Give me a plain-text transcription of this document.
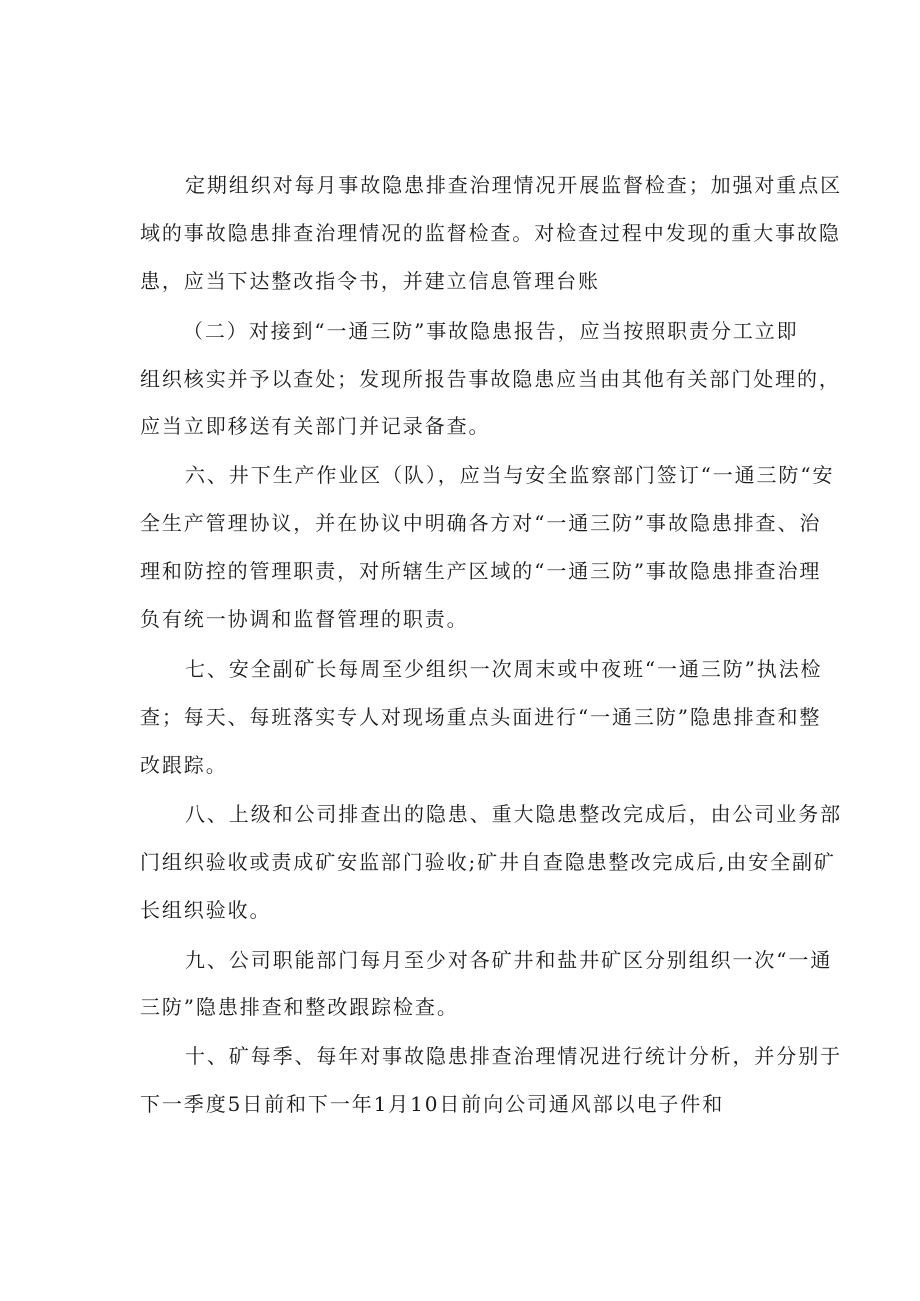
定期组织对每月事故隐患排查治理情况开展监督检查；加强对重点区
域的事故隐患排查治理情况的监督检查。对检查过程中发现的重大事故隐
患，应当下达整改指令书，并建立信息管理台账
（二）对接到“一通三防”事故隐患报告，应当按照职责分工立即
组织核实并予以查处；发现所报告事故隐患应当由其他有关部门处理的，
应当立即移送有关部门并记录备查。
六、井下生产作业区（队），应当与安全监察部门签订“一通三防“安
全生产管理协议，并在协议中明确各方对“一通三防”事故隐患排查、治
理和防控的管理职责，对所辖生产区域的“一通三防”事故隐患排查治理
负有统一协调和监督管理的职责。
七、安全副矿长每周至少组织一次周末或中夜班“一通三防”执法检
查；每天、每班落实专人对现场重点头面进行“一通三防”隐患排查和整
改跟踪。
八、上级和公司排查出的隐患、重大隐患整改完成后，由公司业务部
门组织验收或责成矿安监部门验收;矿井自查隐患整改完成后,由安全副矿
长组织验收。
九、公司职能部门每月至少对各矿井和盐井矿区分别组织一次“一通
三防”隐患排查和整改跟踪检查。
十、矿每季、每年对事故隐患排查治理情况进行统计分析，并分别于
下一季度5日前和下一年1月10日前向公司通风部以电子件和
